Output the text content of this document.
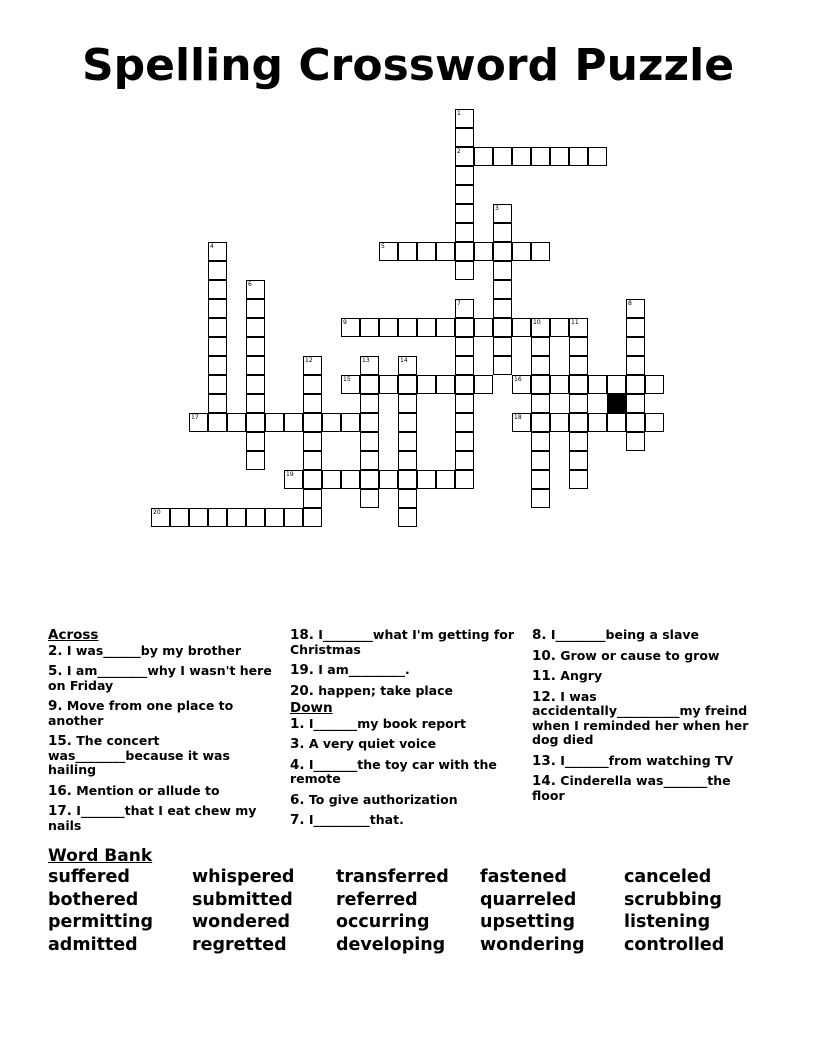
Spelling Crossword Puzzle
2
5
9	10
15	16
17	18
19
20
1
3
4
6
7	8
11
12	13	14
Across
2. I was______by my brother
5. I am________why I wasn't here on Friday
9. Move from one place to another
15. The concert was________because it was hailing
16. Mention or allude to
17. I_______that I eat chew my nails
18. I________what I'm getting for Christmas
19. I am_________.
20. happen; take place
Down
1. I_______my book report
3. A very quiet voice
4. I_______the toy car with the remote
6. To give authorization
7. I_________that.
8. I________being a slave
10. Grow or cause to grow
11. Angry
12. I was accidentally__________my freind when I reminded her when her dog died
13. I_______from watching TV
14. Cinderella was_______the floor
Word Bank
suffered	whispered	transferred	fastened	canceled
bothered	submitted	referred	quarreled	scrubbing
permitting	wondered	occurring	upsetting	listening
admitted	regretted	developing	wondering	controlled
